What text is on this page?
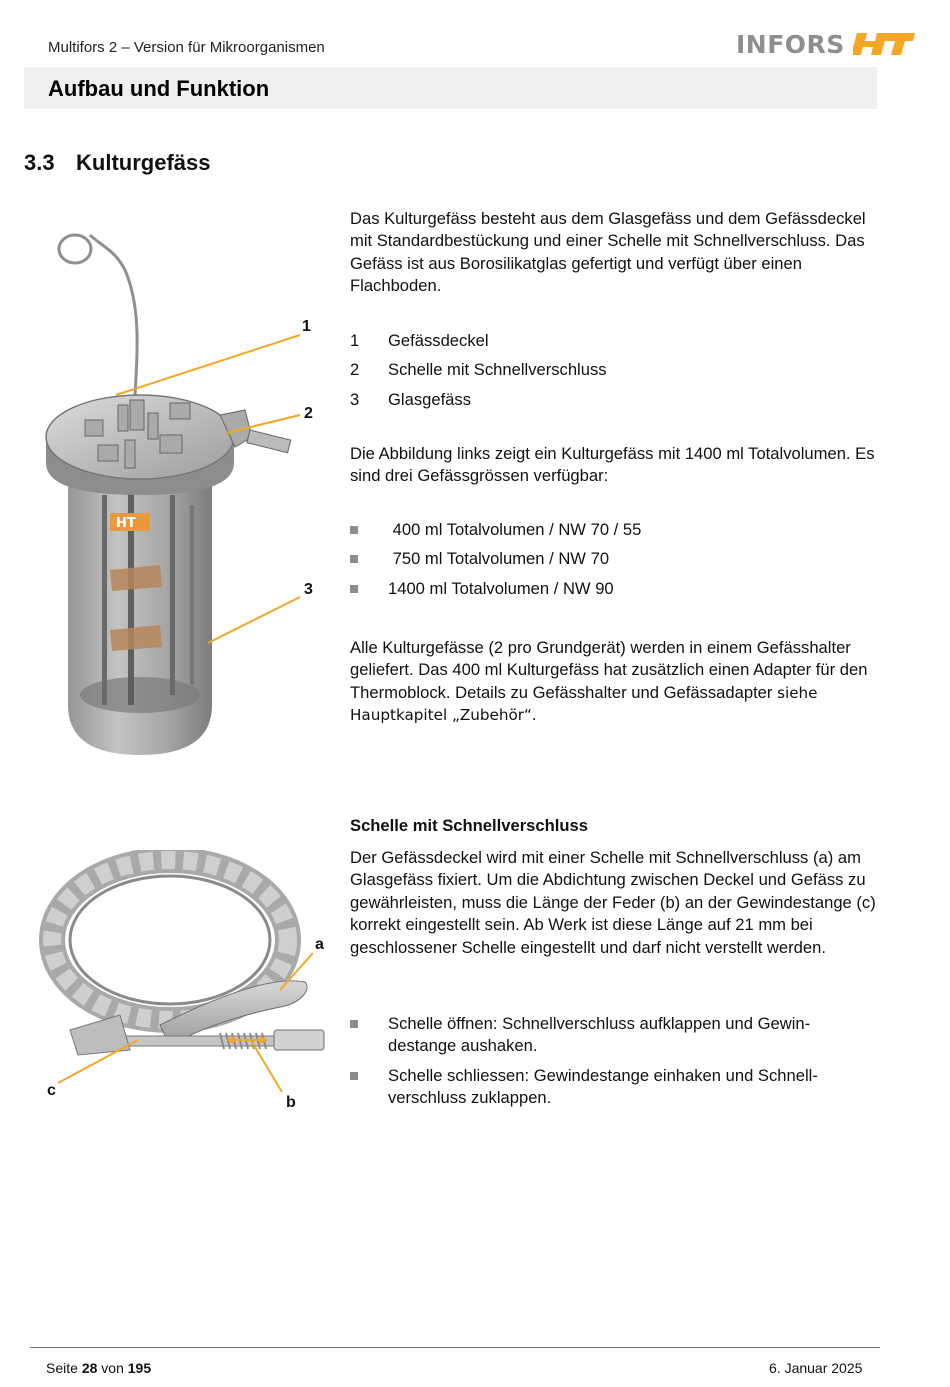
Multifors 2 – Version für Mikroorganismen	INFORS
Aufbau und Funktion
3.3 Kulturgefäss
HT
1
2
3
Das Kulturgefäss besteht aus dem Glasgefäss und dem Gefässdeckel mit Standardbestückung und einer Schelle mit Schnellverschluss. Das Gefäss ist aus Borosilikatglas gefertigt und verfügt über einen Flachboden.
1 Gefässdeckel
2 Schelle mit Schnellverschluss
3 Glasgefäss
Die Abbildung links zeigt ein Kulturgefäss mit 1400 ml Totalvolumen. Es sind drei Gefässgrössen verfügbar:
400 ml Totalvolumen / NW 70 / 55
750 ml Totalvolumen / NW 70
1400 ml Totalvolumen / NW 90
Alle Kulturgefässe (2 pro Grundgerät) werden in einem Gefässhalter geliefert. Das 400 ml Kulturgefäss hat zusätzlich einen Adapter für den Thermoblock. Details zu Gefässhalter und Gefässadapter siehe Hauptkapitel „Zubehör“.
a
b
c
Schelle mit Schnellverschluss
Der Gefässdeckel wird mit einer Schelle mit Schnellverschluss (a) am Glasgefäss fixiert. Um die Abdichtung zwischen Deckel und Gefäss zu gewährleisten, muss die Länge der Feder (b) an der Gewindestange (c) korrekt eingestellt sein. Ab Werk ist diese Länge auf 21 mm bei geschlossener Schelle eingestellt und darf nicht verstellt werden.
Schelle öffnen: Schnellverschluss aufklappen und Gewindestange aushaken.
Schelle schliessen: Gewindestange einhaken und Schnellverschluss zuklappen.
Seite 28 von 195	6. Januar 2025
